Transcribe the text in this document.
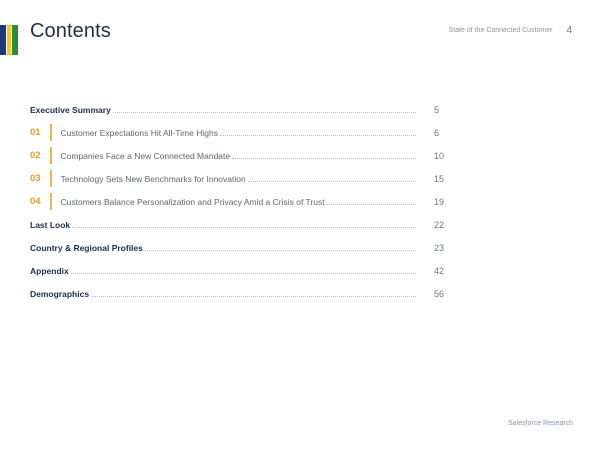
Contents	State of the Connected Customer 4
Executive Summary	5
01	Customer Expectations Hit All-Time Highs	6
02	Companies Face a New Connected Mandate	10
03	Technology Sets New Benchmarks for Innovation	15
04	Customers Balance Personalization and Privacy Amid a Crisis of Trust	19
Last Look	22
Country & Regional Profiles	23
Appendix	42
Demographics	56
Salesforce Research
